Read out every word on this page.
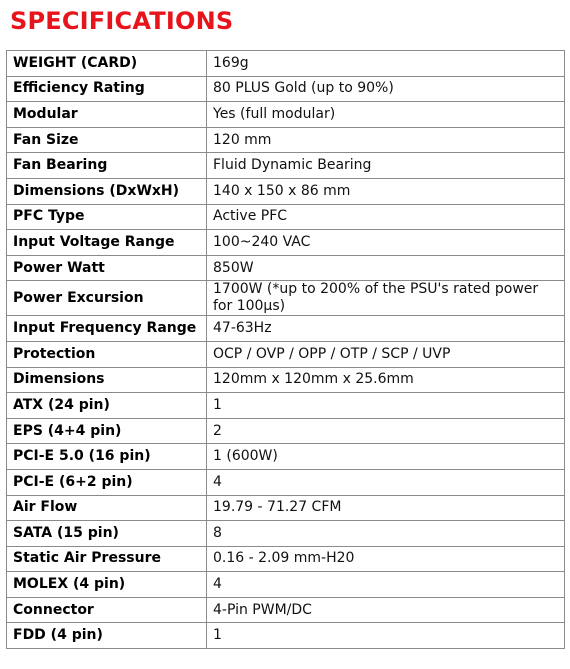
SPECIFICATIONS
WEIGHT (CARD)	169g
Efficiency Rating	80 PLUS Gold (up to 90%)
Modular	Yes (full modular)
Fan Size	120 mm
Fan Bearing	Fluid Dynamic Bearing
Dimensions (DxWxH)	140 x 150 x 86 mm
PFC Type	Active PFC
Input Voltage Range	100~240 VAC
Power Watt	850W
Power Excursion	1700W (*up to 200% of the PSU's rated power for 100μs)
Input Frequency Range	47-63Hz
Protection	OCP / OVP / OPP / OTP / SCP / UVP
Dimensions	120mm x 120mm x 25.6mm
ATX (24 pin)	1
EPS (4+4 pin)	2
PCI-E 5.0 (16 pin)	1 (600W)
PCI-E (6+2 pin)	4
Air Flow	19.79 - 71.27 CFM
SATA (15 pin)	8
Static Air Pressure	0.16 - 2.09 mm-H20
MOLEX (4 pin)	4
Connector	4-Pin PWM/DC
FDD (4 pin)	1
